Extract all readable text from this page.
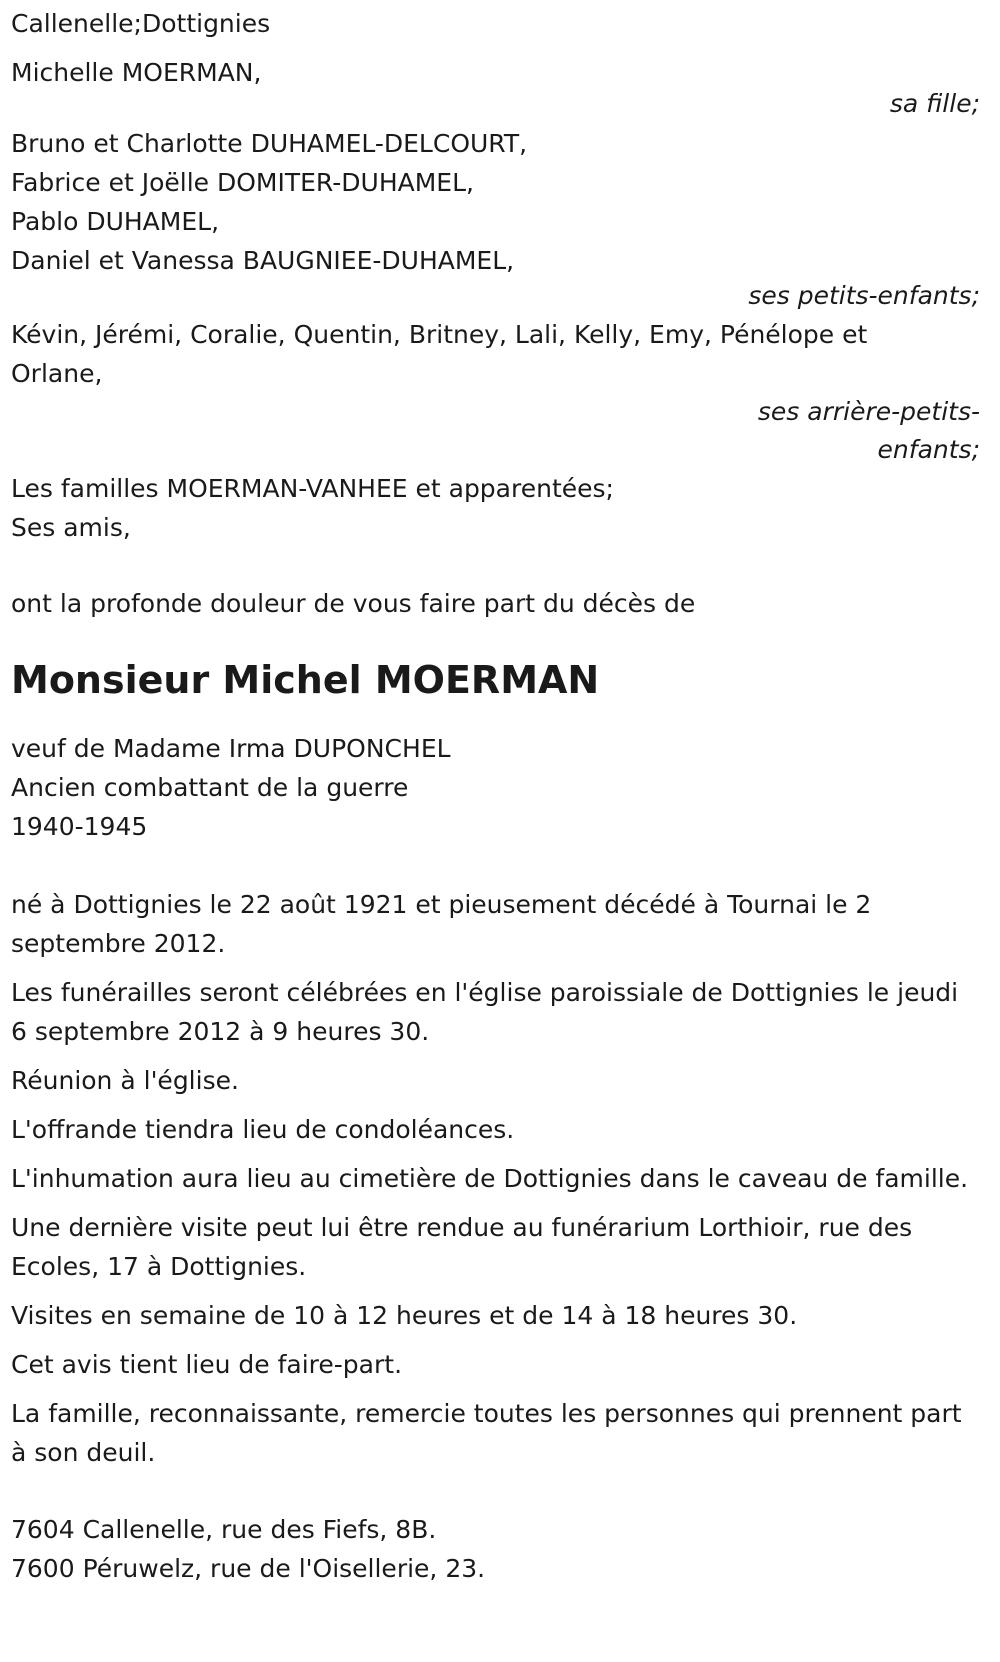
Callenelle;Dottignies
Michelle MOERMAN,
sa fille;
Bruno et Charlotte DUHAMEL-DELCOURT,
Fabrice et Joëlle DOMITER-DUHAMEL,
Pablo DUHAMEL,
Daniel et Vanessa BAUGNIEE-DUHAMEL,
ses petits-enfants;
Kévin, Jérémi, Coralie, Quentin, Britney, Lali, Kelly, Emy, Pénélope et
Orlane,
ses arrière-petits-
enfants;
Les familles MOERMAN-VANHEE et apparentées;
Ses amis,
ont la profonde douleur de vous faire part du décès de
Monsieur Michel MOERMAN
veuf de Madame Irma DUPONCHEL
Ancien combattant de la guerre
1940-1945
né à Dottignies le 22 août 1921 et pieusement décédé à Tournai le 2 septembre 2012.
Les funérailles seront célébrées en l'église paroissiale de Dottignies le jeudi 6 septembre 2012 à 9 heures 30.
Réunion à l'église.
L'offrande tiendra lieu de condoléances.
L'inhumation aura lieu au cimetière de Dottignies dans le caveau de famille.
Une dernière visite peut lui être rendue au funérarium Lorthioir, rue des Ecoles, 17 à Dottignies.
Visites en semaine de 10 à 12 heures et de 14 à 18 heures 30.
Cet avis tient lieu de faire-part.
La famille, reconnaissante, remercie toutes les personnes qui prennent part à son deuil.
7604 Callenelle, rue des Fiefs, 8B.
7600 Péruwelz, rue de l'Oisellerie, 23.
